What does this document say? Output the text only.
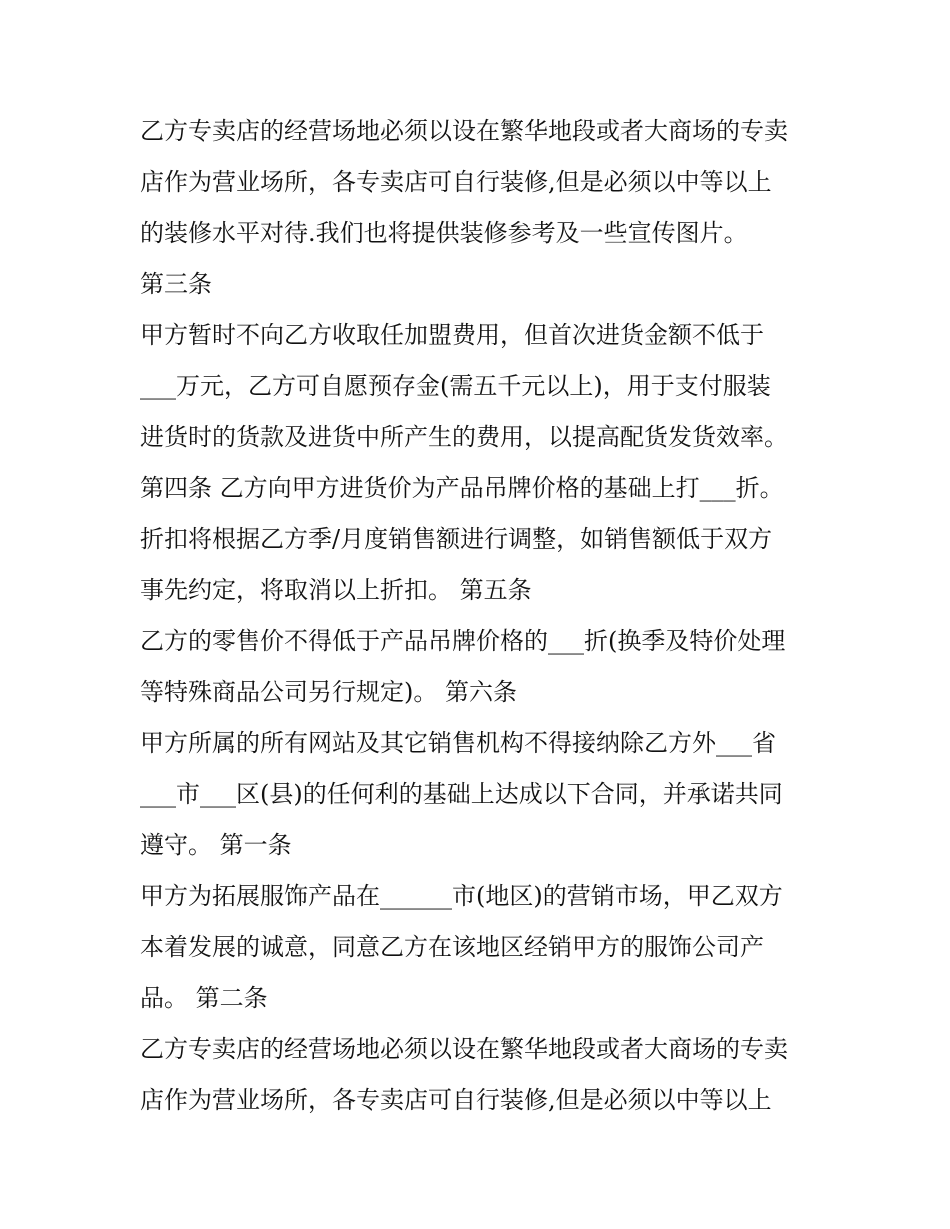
乙方专卖店的经营场地必须以设在繁华地段或者大商场的专卖
店作为营业场所，各专卖店可自行装修,但是必须以中等以上
的装修水平对待.我们也将提供装修参考及一些宣传图片。
第三条
甲方暂时不向乙方收取任加盟费用，但首次进货金额不低于
___万元，乙方可自愿预存金(需五千元以上)，用于支付服装
进货时的货款及进货中所产生的费用，以提高配货发货效率。
第四条 乙方向甲方进货价为产品吊牌价格的基础上打___折。
折扣将根据乙方季/月度销售额进行调整，如销售额低于双方
事先约定，将取消以上折扣。 第五条
乙方的零售价不得低于产品吊牌价格的___折(换季及特价处理
等特殊商品公司另行规定)。 第六条
甲方所属的所有网站及其它销售机构不得接纳除乙方外___省
___市___区(县)的任何利的基础上达成以下合同，并承诺共同
遵守。 第一条
甲方为拓展服饰产品在______市(地区)的营销市场，甲乙双方
本着发展的诚意，同意乙方在该地区经销甲方的服饰公司产
品。 第二条
乙方专卖店的经营场地必须以设在繁华地段或者大商场的专卖
店作为营业场所，各专卖店可自行装修,但是必须以中等以上
